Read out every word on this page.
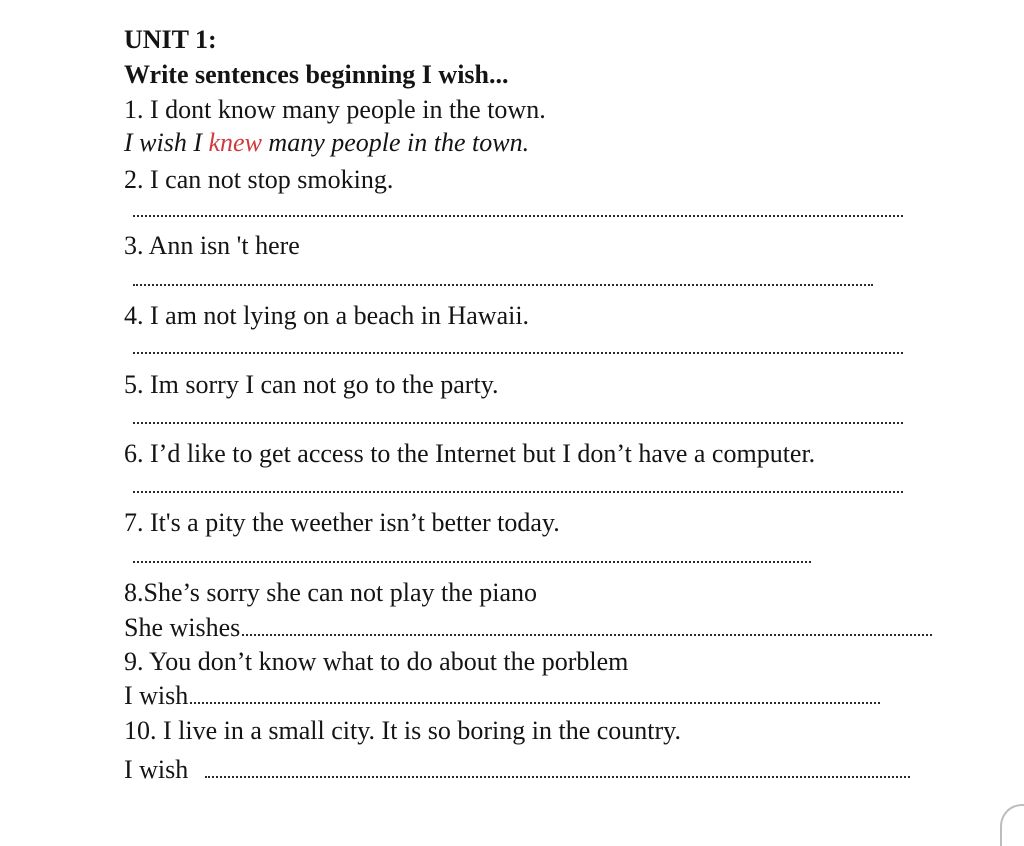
UNIT 1:
Write sentences beginning I wish...
1. I dont know many people in the town.
I wish I knew many people in the town.
2. I can not stop smoking.
3. Ann isn 't here
4. I am not lying on a beach in Hawaii.
5. Im sorry I can not go to the party.
6. I’d like to get access to the Internet but I don’t have a computer.
7. It's a pity the weether isn’t better today.
8.She’s sorry she can not play the piano
She wishes
9. You don’t know what to do about the porblem
I wish
10. I live in a small city. It is so boring in the country.
I wish
